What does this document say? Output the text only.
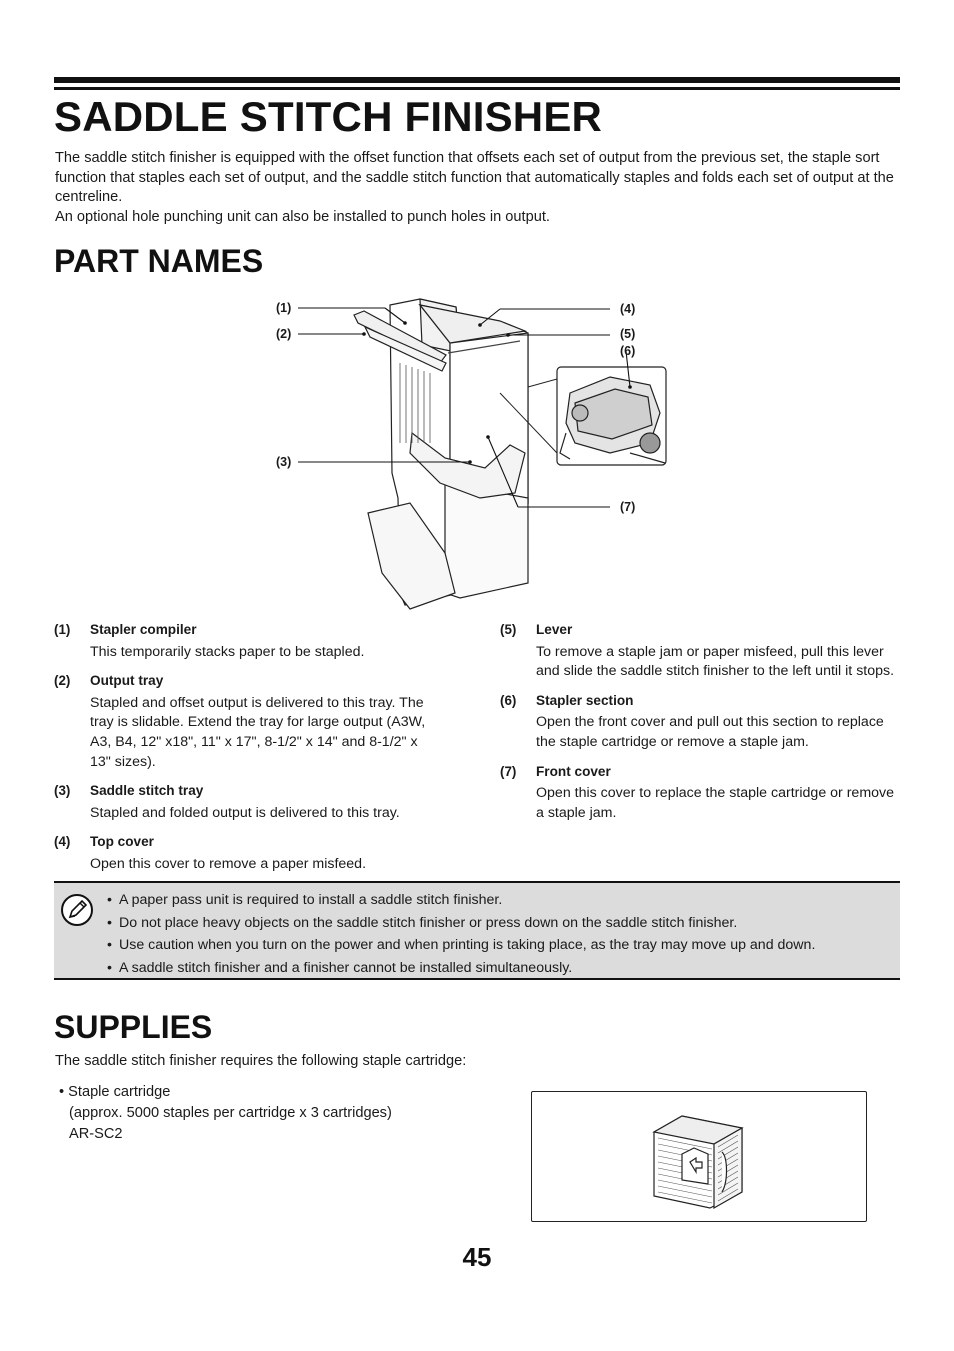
SADDLE STITCH FINISHER

The saddle stitch finisher is equipped with the offset function that offsets each set of output from the previous set, the staple sort function that staples each set of output, and the saddle stitch function that automatically staples and folds each set of output at the centreline.

An optional hole punching unit can also be installed to punch holes in output.

PART NAMES
(1)
(2)
(3)
(4)
(5)
(6)
(7)
(1) Stapler compiler
This temporarily stacks paper to be stapled.
(2) Output tray
Stapled and offset output is delivered to this tray. The tray is slidable. Extend the tray for large output (A3W, A3, B4, 12" x18", 11" x 17", 8-1/2" x 14" and 8-1/2" x 13" sizes).
(3) Saddle stitch tray
Stapled and folded output is delivered to this tray.
(4) Top cover
Open this cover to remove a paper misfeed.
(5) Lever
To remove a staple jam or paper misfeed, pull this lever and slide the saddle stitch finisher to the left until it stops.
(6) Stapler section
Open the front cover and pull out this section to replace the staple cartridge or remove a staple jam.
(7) Front cover
Open this cover to replace the staple cartridge or remove a staple jam.
• A paper pass unit is required to install a saddle stitch finisher.
• Do not place heavy objects on the saddle stitch finisher or press down on the saddle stitch finisher.
• Use caution when you turn on the power and when printing is taking place, as the tray may move up and down.
• A saddle stitch finisher and a finisher cannot be installed simultaneously.
SUPPLIES

The saddle stitch finisher requires the following staple cartridge:

• Staple cartridge
(approx. 5000 staples per cartridge x 3 cartridges)
AR-SC2
45
